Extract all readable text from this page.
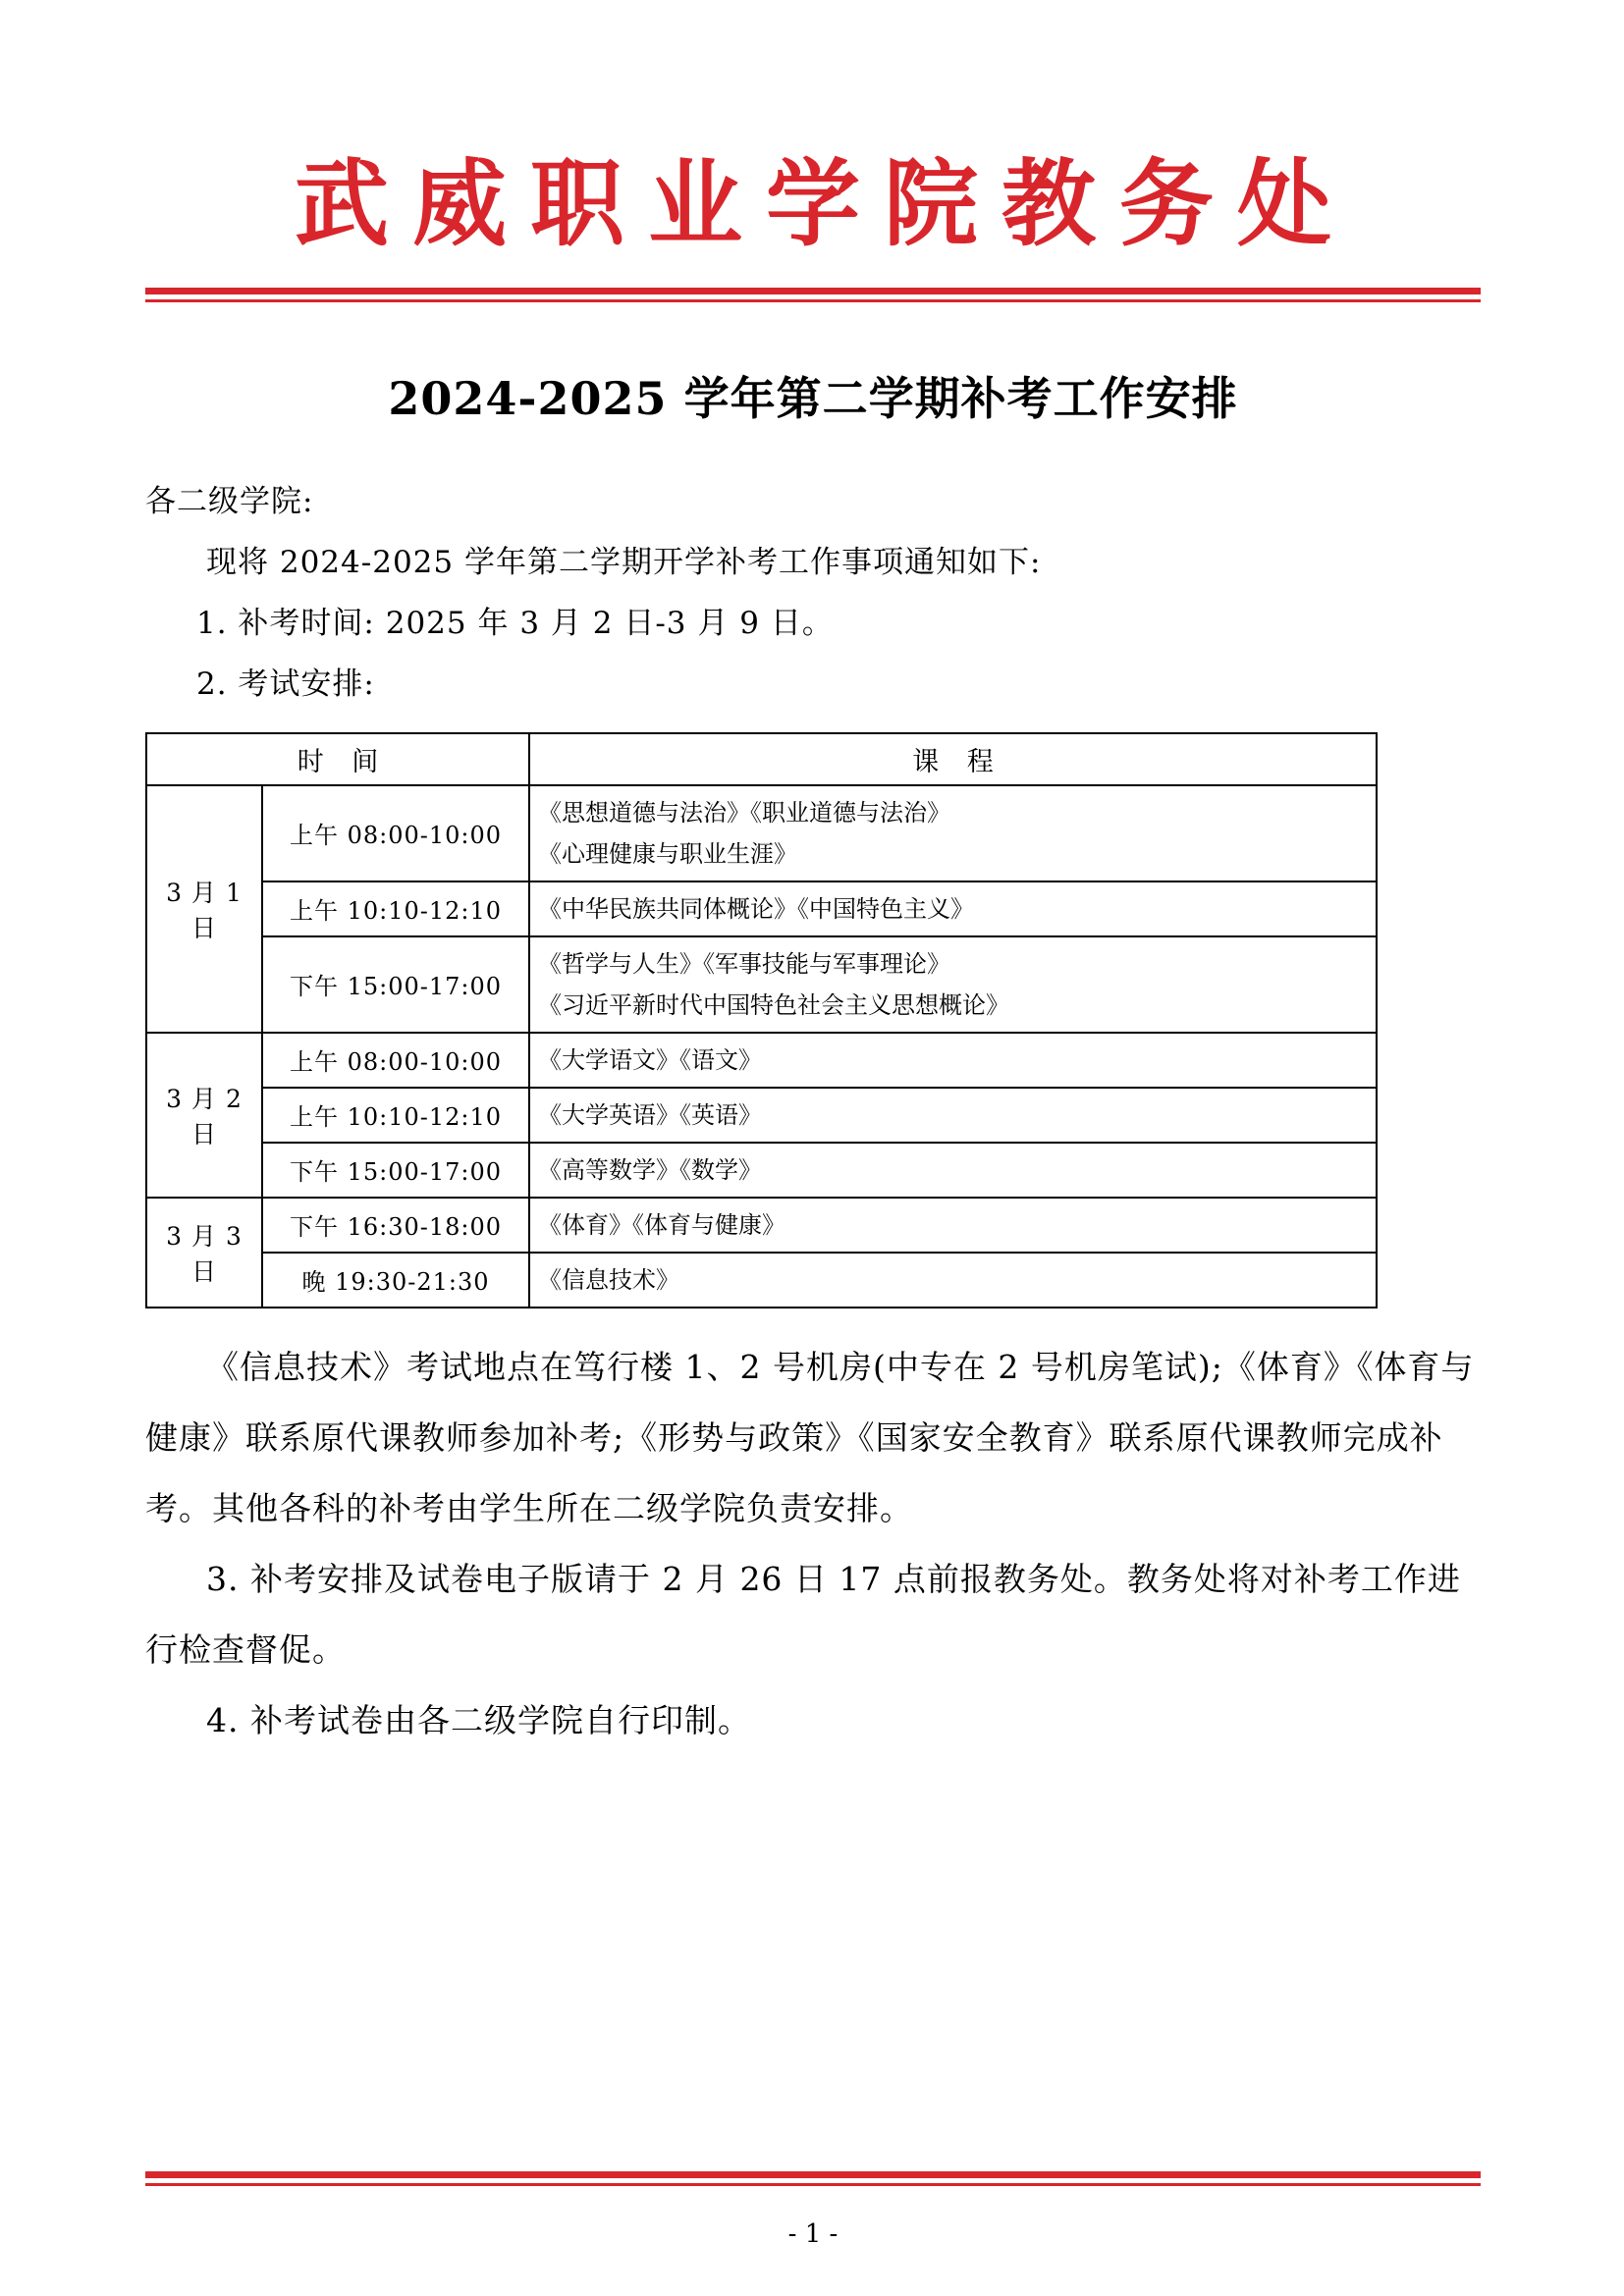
武威职业学院教务处
2024-2025 学年第二学期补考工作安排
各二级学院:
现将 2024-2025 学年第二学期开学补考工作事项通知如下:
1. 补考时间: 2025 年 3 月 2 日-3 月 9 日。
2. 考试安排:
时 间		课 程
3 月 1 日	上午 08:00-10:00	《思想道德与法治》《职业道德与法治》
《心理健康与职业生涯》

	上午 10:10-12:10	《中华民族共同体概论》《中国特色主义》

	下午 15:00-17:00	《哲学与人生》《军事技能与军事理论》
《习近平新时代中国特色社会主义思想概论》

3 月 2 日	上午 08:00-10:00	《大学语文》《语文》

	上午 10:10-12:10	《大学英语》《英语》

	下午 15:00-17:00	《高等数学》《数学》

3 月 3 日	下午 16:30-18:00	《体育》《体育与健康》

	晚 19:30-21:30	《信息技术》
《信息技术》考试地点在笃行楼 1、2 号机房(中专在 2 号机房笔试);《体育》《体育与健康》联系原代课教师参加补考;《形势与政策》《国家安全教育》联系原代课教师完成补考。其他各科的补考由学生所在二级学院负责安排。
3. 补考安排及试卷电子版请于 2 月 26 日 17 点前报教务处。教务处将对补考工作进行检查督促。
4. 补考试卷由各二级学院自行印制。
- 1 -
